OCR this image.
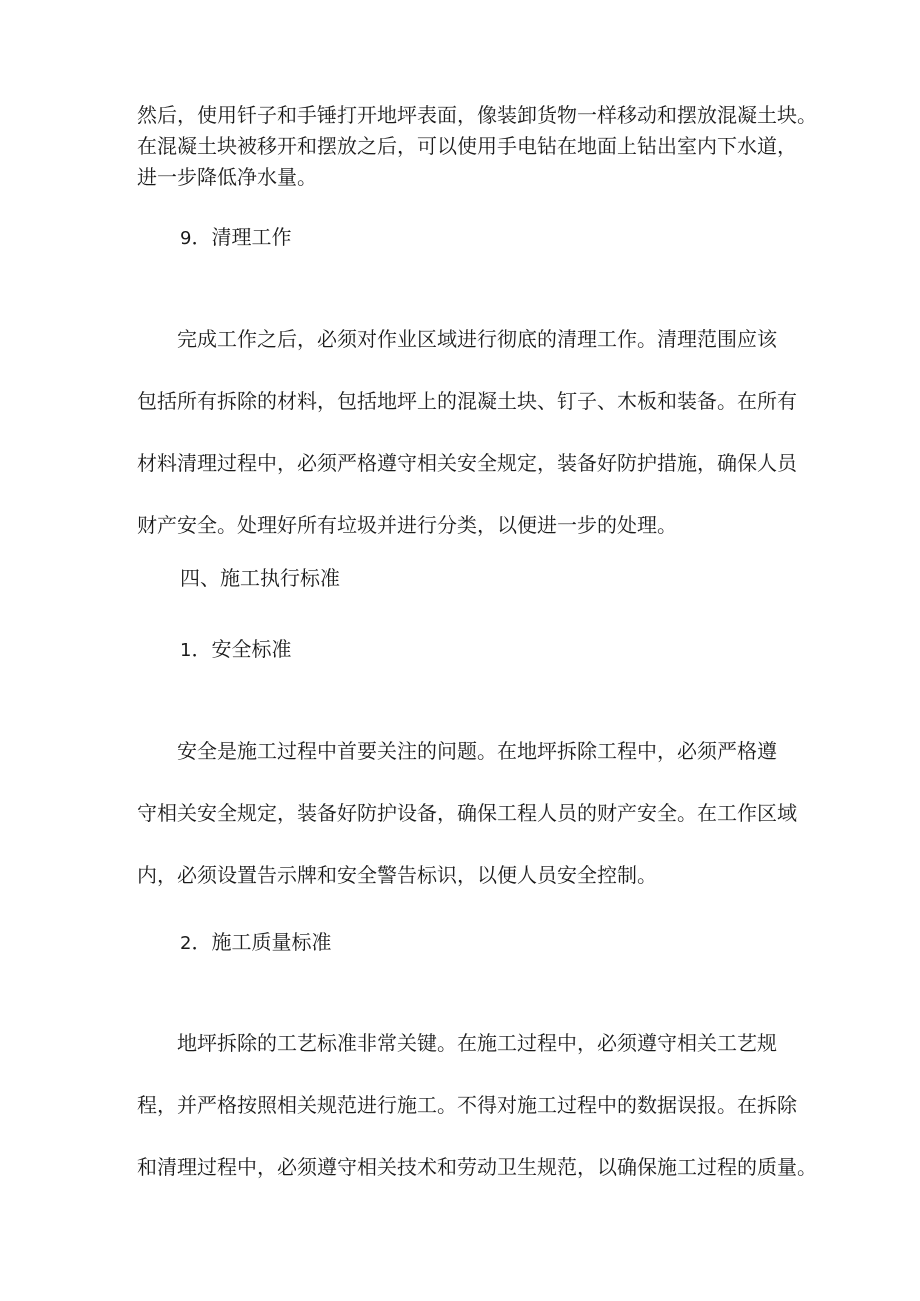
然后，使用钎子和手锤打开地坪表面，像装卸货物一样移动和摆放混凝土块。
在混凝土块被移开和摆放之后，可以使用手电钻在地面上钻出室内下水道，
进一步降低净水量。
9．清理工作
　　完成工作之后，必须对作业区域进行彻底的清理工作。清理范围应该
包括所有拆除的材料，包括地坪上的混凝土块、钉子、木板和装备。在所有
材料清理过程中，必须严格遵守相关安全规定，装备好防护措施，确保人员
财产安全。处理好所有垃圾并进行分类，以便进一步的处理。
四、施工执行标准
1．安全标准
　　安全是施工过程中首要关注的问题。在地坪拆除工程中，必须严格遵
守相关安全规定，装备好防护设备，确保工程人员的财产安全。在工作区域
内，必须设置告示牌和安全警告标识，以便人员安全控制。
2．施工质量标准
　　地坪拆除的工艺标准非常关键。在施工过程中，必须遵守相关工艺规
程，并严格按照相关规范进行施工。不得对施工过程中的数据误报。在拆除
和清理过程中，必须遵守相关技术和劳动卫生规范，以确保施工过程的质量。
